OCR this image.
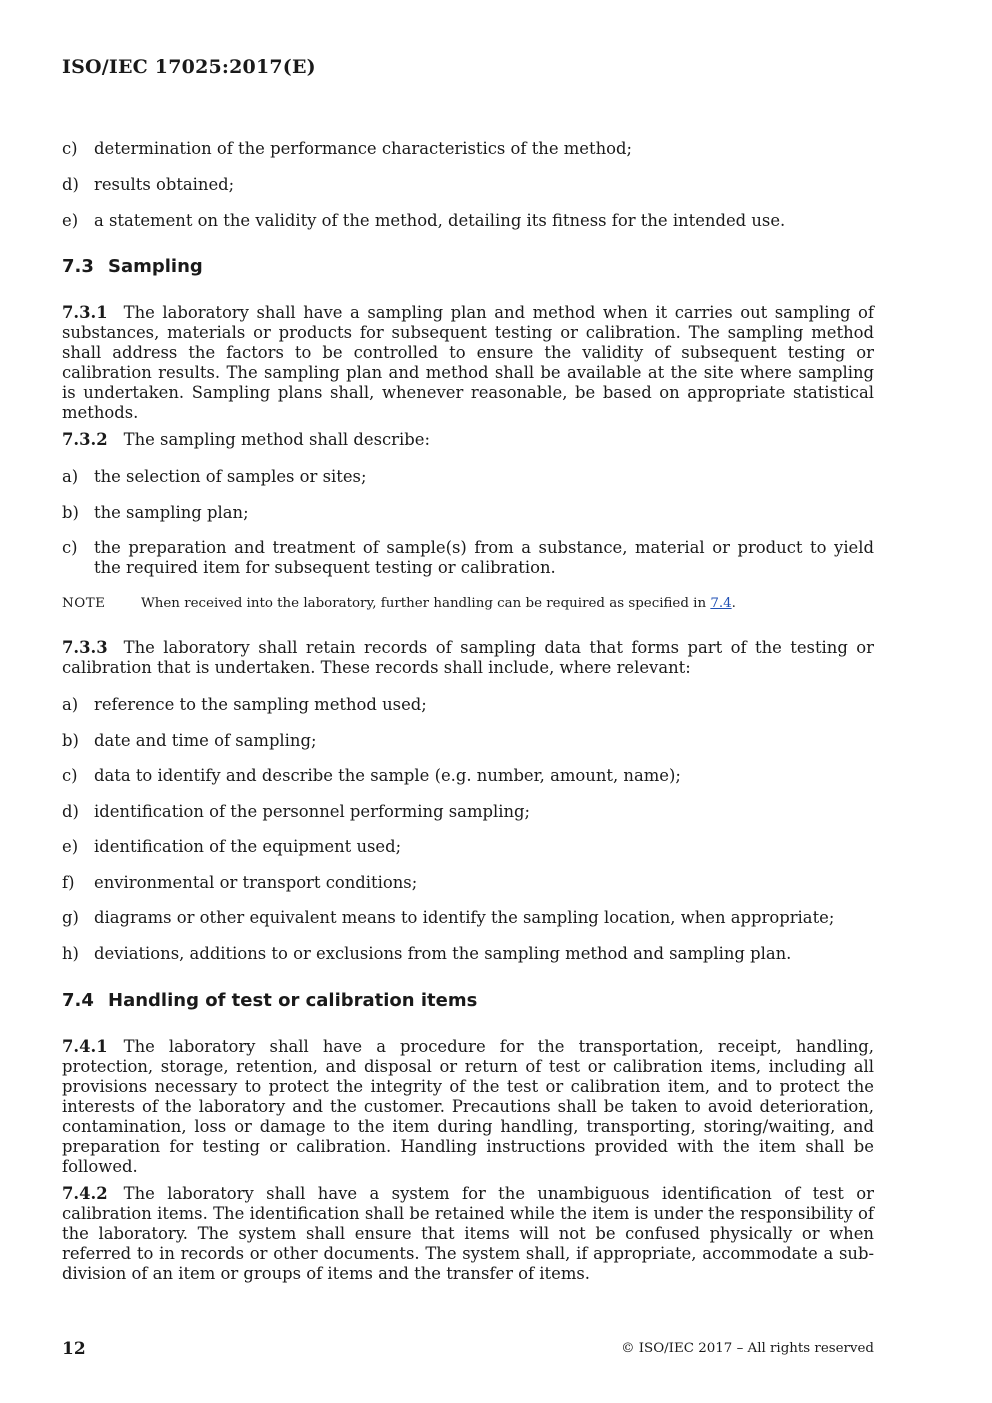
ISO/IEC 17025:2017(E)
c) determination of the performance characteristics of the method;
d) results obtained;
e) a statement on the validity of the method, detailing its fitness for the intended use.
7.3 Sampling
7.3.1 The laboratory shall have a sampling plan and method when it carries out sampling of substances, materials or products for subsequent testing or calibration. The sampling method shall address the factors to be controlled to ensure the validity of subsequent testing or calibration results. The sampling plan and method shall be available at the site where sampling is undertaken. Sampling plans shall, whenever reasonable, be based on appropriate statistical methods.
7.3.2 The sampling method shall describe:
a) the selection of samples or sites;
b) the sampling plan;
c) the preparation and treatment of sample(s) from a substance, material or product to yield the required item for subsequent testing or calibration.
NOTE	When received into the laboratory, further handling can be required as specified in 7.4.
7.3.3 The laboratory shall retain records of sampling data that forms part of the testing or calibration that is undertaken. These records shall include, where relevant:
a) reference to the sampling method used;
b) date and time of sampling;
c) data to identify and describe the sample (e.g. number, amount, name);
d) identification of the personnel performing sampling;
e) identification of the equipment used;
f) environmental or transport conditions;
g) diagrams or other equivalent means to identify the sampling location, when appropriate;
h) deviations, additions to or exclusions from the sampling method and sampling plan.
7.4 Handling of test or calibration items
7.4.1 The laboratory shall have a procedure for the transportation, receipt, handling, protection, storage, retention, and disposal or return of test or calibration items, including all provisions necessary to protect the integrity of the test or calibration item, and to protect the interests of the laboratory and the customer. Precautions shall be taken to avoid deterioration, contamination, loss or damage to the item during handling, transporting, storing/waiting, and preparation for testing or calibration. Handling instructions provided with the item shall be followed.
7.4.2 The laboratory shall have a system for the unambiguous identification of test or calibration items. The identification shall be retained while the item is under the responsibility of the laboratory. The system shall ensure that items will not be confused physically or when referred to in records or other documents. The system shall, if appropriate, accommodate a sub-division of an item or groups of items and the transfer of items.
12	© ISO/IEC 2017 – All rights reserved
